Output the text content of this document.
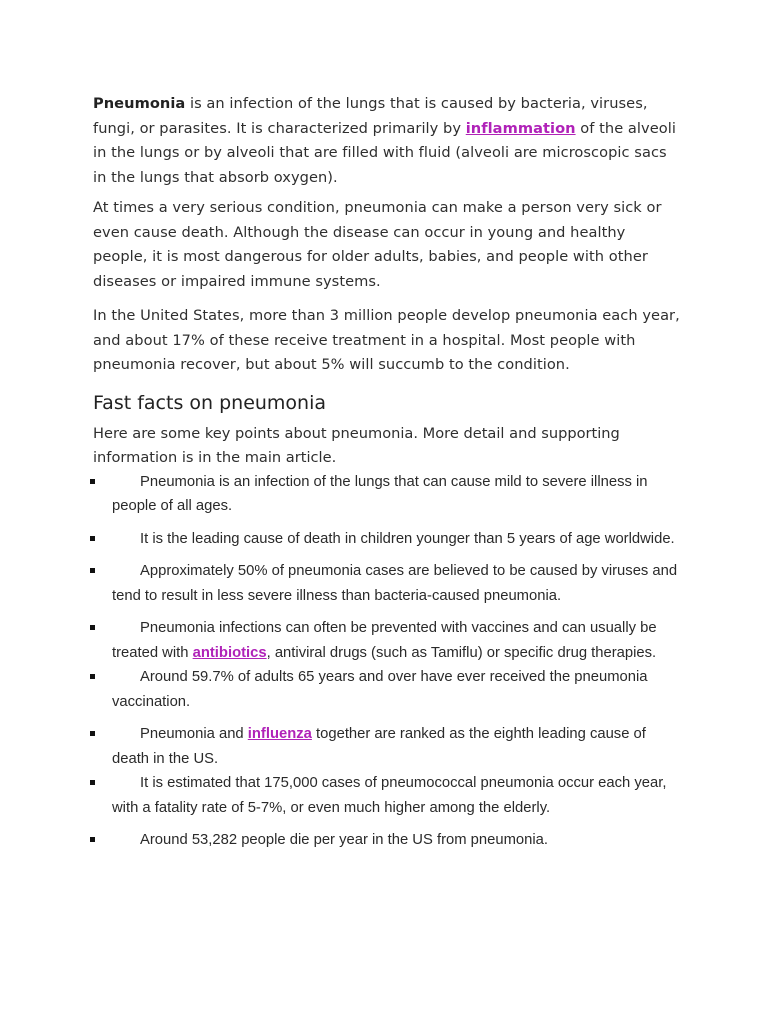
Pneumonia is an infection of the lungs that is caused by bacteria, viruses, fungi, or parasites. It is characterized primarily by inflammation of the alveoli in the lungs or by alveoli that are filled with fluid (alveoli are microscopic sacs in the lungs that absorb oxygen).

At times a very serious condition, pneumonia can make a person very sick or even cause death. Although the disease can occur in young and healthy people, it is most dangerous for older adults, babies, and people with other diseases or impaired immune systems.

In the United States, more than 3 million people develop pneumonia each year, and about 17% of these receive treatment in a hospital. Most people with pneumonia recover, but about 5% will succumb to the condition.

Fast facts on pneumonia

Here are some key points about pneumonia. More detail and supporting information is in the main article.

Pneumonia is an infection of the lungs that can cause mild to severe illness in people of all ages.
It is the leading cause of death in children younger than 5 years of age worldwide.
Approximately 50% of pneumonia cases are believed to be caused by viruses and tend to result in less severe illness than bacteria-caused pneumonia.
Pneumonia infections can often be prevented with vaccines and can usually be treated with antibiotics, antiviral drugs (such as Tamiflu) or specific drug therapies.
Around 59.7% of adults 65 years and over have ever received the pneumonia vaccination.
Pneumonia and influenza together are ranked as the eighth leading cause of death in the US.
It is estimated that 175,000 cases of pneumococcal pneumonia occur each year, with a fatality rate of 5-7%, or even much higher among the elderly.
Around 53,282 people die per year in the US from pneumonia.
